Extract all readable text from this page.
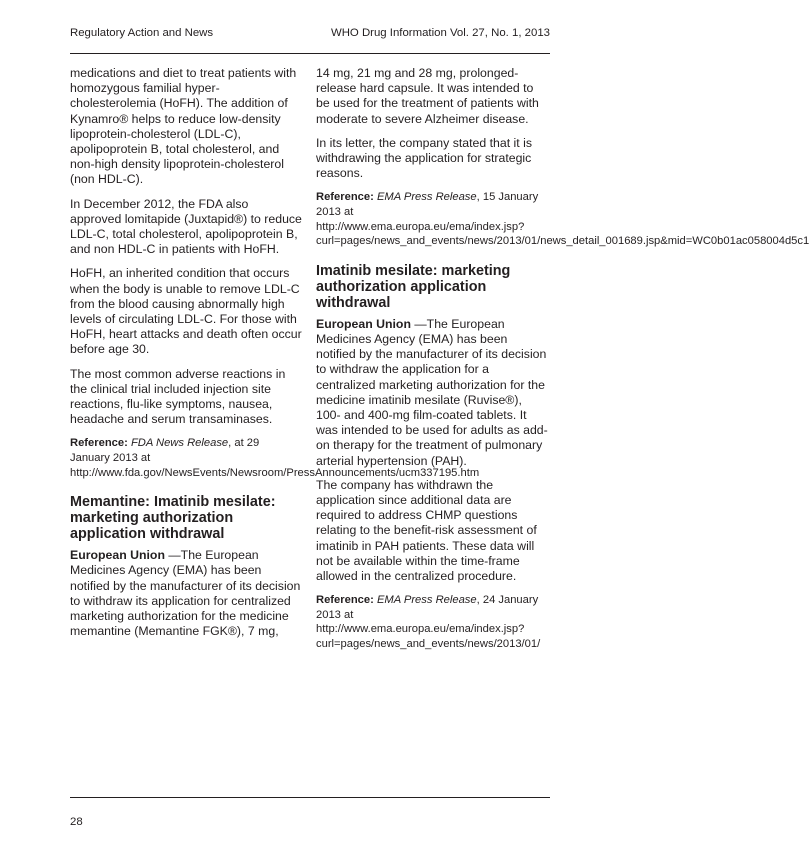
Regulatory Action and News	WHO Drug Information Vol. 27, No. 1, 2013

medications and diet to treat patients with homozygous familial hyper-cholesterolemia (HoFH). The addition of Kynamro® helps to reduce low-density lipoprotein-cholesterol (LDL-C), apolipoprotein B, total cholesterol, and non-high density lipoprotein-cholesterol (non HDL-C).

In December 2012, the FDA also approved lomitapide (Juxtapid®) to reduce LDL-C, total cholesterol, apolipoprotein B, and non HDL-C in patients with HoFH.

HoFH, an inherited condition that occurs when the body is unable to remove LDL-C from the blood causing abnormally high levels of circulating LDL-C. For those with HoFH, heart attacks and death often occur before age 30.

The most common adverse reactions in the clinical trial included injection site reactions, flu-like symptoms, nausea, headache and serum transaminases.

Reference: FDA News Release, at 29 January 2013 at http://www.fda.gov/NewsEvents/Newsroom/PressAnnouncements/ucm337195.htm

Memantine: Imatinib mesilate: marketing authorization application withdrawal

European Union —The European Medicines Agency (EMA) has been notified by the manufacturer of its decision to withdraw its application for centralized marketing authorization for the medicine memantine (Memantine FGK®), 7 mg,

14 mg, 21 mg and 28 mg, prolonged-release hard capsule. It was intended to be used for the treatment of patients with moderate to severe Alzheimer disease.

In its letter, the company stated that it is withdrawing the application for strategic reasons.

Reference: EMA Press Release, 15 January 2013 at http://www.ema.europa.eu/ema/index.jsp?curl=pages/news_and_events/news/2013/01/news_detail_001689.jsp&mid=WC0b01ac058004d5c1

Imatinib mesilate: marketing authorization application withdrawal

European Union —The European Medicines Agency (EMA) has been notified by the manufacturer of its decision to withdraw the application for a centralized marketing authorization for the medicine imatinib mesilate (Ruvise®), 100- and 400-mg film-coated tablets. It was intended to be used for adults as add-on therapy for the treatment of pulmonary arterial hypertension (PAH).

The company has withdrawn the application since additional data are required to address CHMP questions relating to the benefit-risk assessment of imatinib in PAH patients. These data will not be available within the time-frame allowed in the centralized procedure.

Reference: EMA Press Release, 24 January 2013 at http://www.ema.europa.eu/ema/index.jsp?curl=pages/news_and_events/news/2013/01/

28
